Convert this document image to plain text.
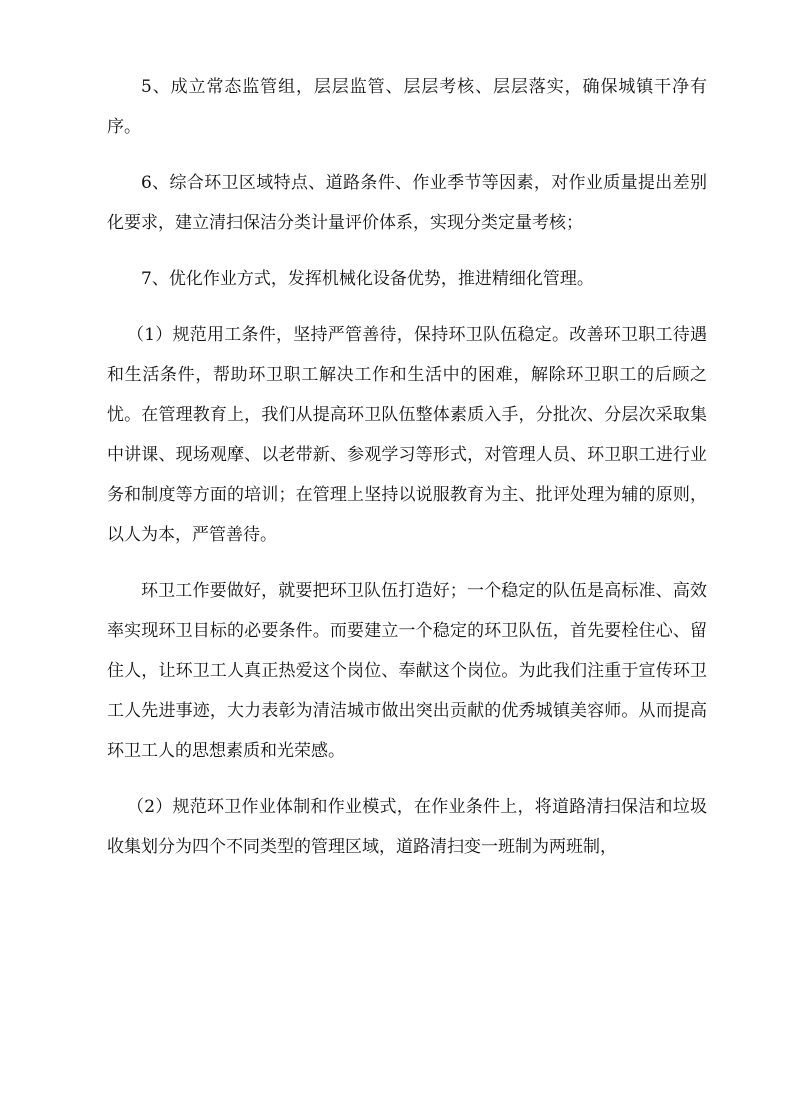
5、成立常态监管组，层层监管、层层考核、层层落实，确保城镇干净有序。

6、综合环卫区域特点、道路条件、作业季节等因素，对作业质量提出差别化要求，建立清扫保洁分类计量评价体系，实现分类定量考核；

7、优化作业方式，发挥机械化设备优势，推进精细化管理。

（1）规范用工条件，坚持严管善待，保持环卫队伍稳定。改善环卫职工待遇和生活条件，帮助环卫职工解决工作和生活中的困难，解除环卫职工的后顾之忧。在管理教育上，我们从提高环卫队伍整体素质入手，分批次、分层次采取集中讲课、现场观摩、以老带新、参观学习等形式，对管理人员、环卫职工进行业务和制度等方面的培训；在管理上坚持以说服教育为主、批评处理为辅的原则，以人为本，严管善待。

环卫工作要做好，就要把环卫队伍打造好；一个稳定的队伍是高标准、高效率实现环卫目标的必要条件。而要建立一个稳定的环卫队伍，首先要栓住心、留住人，让环卫工人真正热爱这个岗位、奉献这个岗位。为此我们注重于宣传环卫工人先进事迹，大力表彰为清洁城市做出突出贡献的优秀城镇美容师。从而提高环卫工人的思想素质和光荣感。

（2）规范环卫作业体制和作业模式，在作业条件上，将道路清扫保洁和垃圾收集划分为四个不同类型的管理区域，道路清扫变一班制为两班制，
